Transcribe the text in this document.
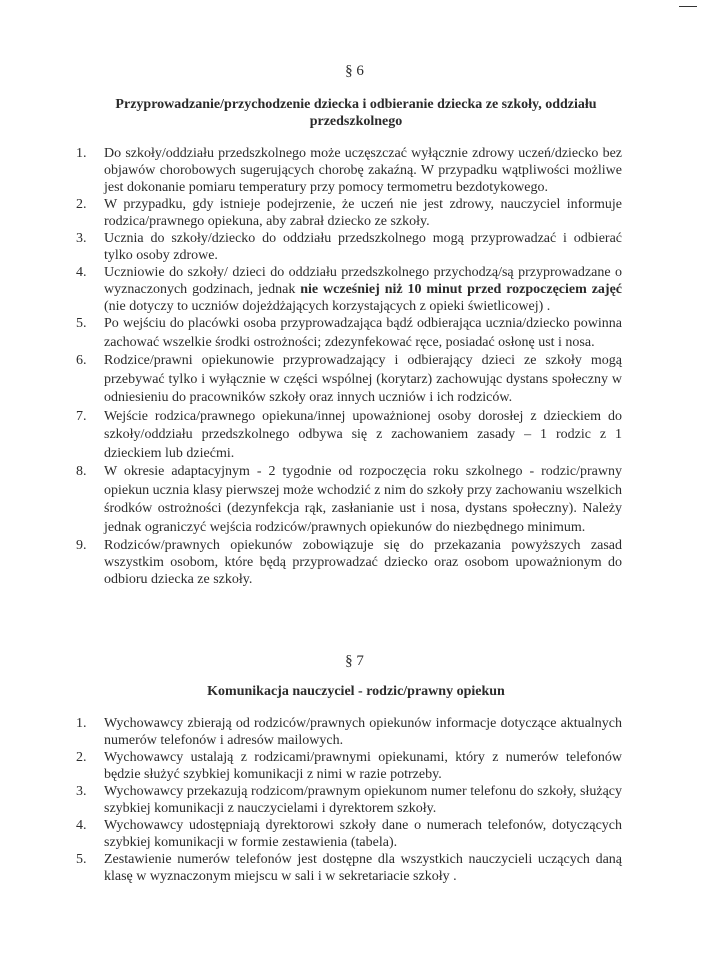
§ 6
Przyprowadzanie/przychodzenie dziecka i odbieranie dziecka ze szkoły, oddziału przedszkolnego
1. Do szkoły/oddziału przedszkolnego może uczęszczać wyłącznie zdrowy uczeń/dziecko bez objawów chorobowych sugerujących chorobę zakaźną. W przypadku wątpliwości możliwe jest dokonanie pomiaru temperatury przy pomocy termometru bezdotykowego.
2. W przypadku, gdy istnieje podejrzenie, że uczeń nie jest zdrowy, nauczyciel informuje rodzica/prawnego opiekuna, aby zabrał dziecko ze szkoły.
3. Ucznia do szkoły/dziecko do oddziału przedszkolnego mogą przyprowadzać i odbierać tylko osoby zdrowe.
4. Uczniowie do szkoły/ dzieci do oddziału przedszkolnego przychodzą/są przyprowadzane o wyznaczonych godzinach, jednak nie wcześniej niż 10 minut przed rozpoczęciem zajęć (nie dotyczy to uczniów dojeżdżających korzystających z opieki świetlicowej) .
5. Po wejściu do placówki osoba przyprowadzająca bądź odbierająca ucznia/dziecko powinna zachować wszelkie środki ostrożności; zdezynfekować ręce, posiadać osłonę ust i nosa.
6. Rodzice/prawni opiekunowie przyprowadzający i odbierający dzieci ze szkoły mogą przebywać tylko i wyłącznie w części wspólnej (korytarz) zachowując dystans społeczny w odniesieniu do pracowników szkoły oraz innych uczniów i ich rodziców.
7. Wejście rodzica/prawnego opiekuna/innej upoważnionej osoby dorosłej z dzieckiem do szkoły/oddziału przedszkolnego odbywa się z zachowaniem zasady – 1 rodzic z 1 dzieckiem lub dziećmi.
8. W okresie adaptacyjnym - 2 tygodnie od rozpoczęcia roku szkolnego - rodzic/prawny opiekun ucznia klasy pierwszej może wchodzić z nim do szkoły przy zachowaniu wszelkich środków ostrożności (dezynfekcja rąk, zasłanianie ust i nosa, dystans społeczny). Należy jednak ograniczyć wejścia rodziców/prawnych opiekunów do niezbędnego minimum.
9. Rodziców/prawnych opiekunów zobowiązuje się do przekazania powyższych zasad wszystkim osobom, które będą przyprowadzać dziecko oraz osobom upoważnionym do odbioru dziecka ze szkoły.
§ 7
Komunikacja nauczyciel - rodzic/prawny opiekun
1. Wychowawcy zbierają od rodziców/prawnych opiekunów informacje dotyczące aktualnych numerów telefonów i adresów mailowych.
2. Wychowawcy ustalają z rodzicami/prawnymi opiekunami, który z numerów telefonów będzie służyć szybkiej komunikacji z nimi w razie potrzeby.
3. Wychowawcy przekazują rodzicom/prawnym opiekunom numer telefonu do szkoły, służący szybkiej komunikacji z nauczycielami i dyrektorem szkoły.
4. Wychowawcy udostępniają dyrektorowi szkoły dane o numerach telefonów, dotyczących szybkiej komunikacji w formie zestawienia (tabela).
5. Zestawienie numerów telefonów jest dostępne dla wszystkich nauczycieli uczących daną klasę w wyznaczonym miejscu w sali i w sekretariacie szkoły .
